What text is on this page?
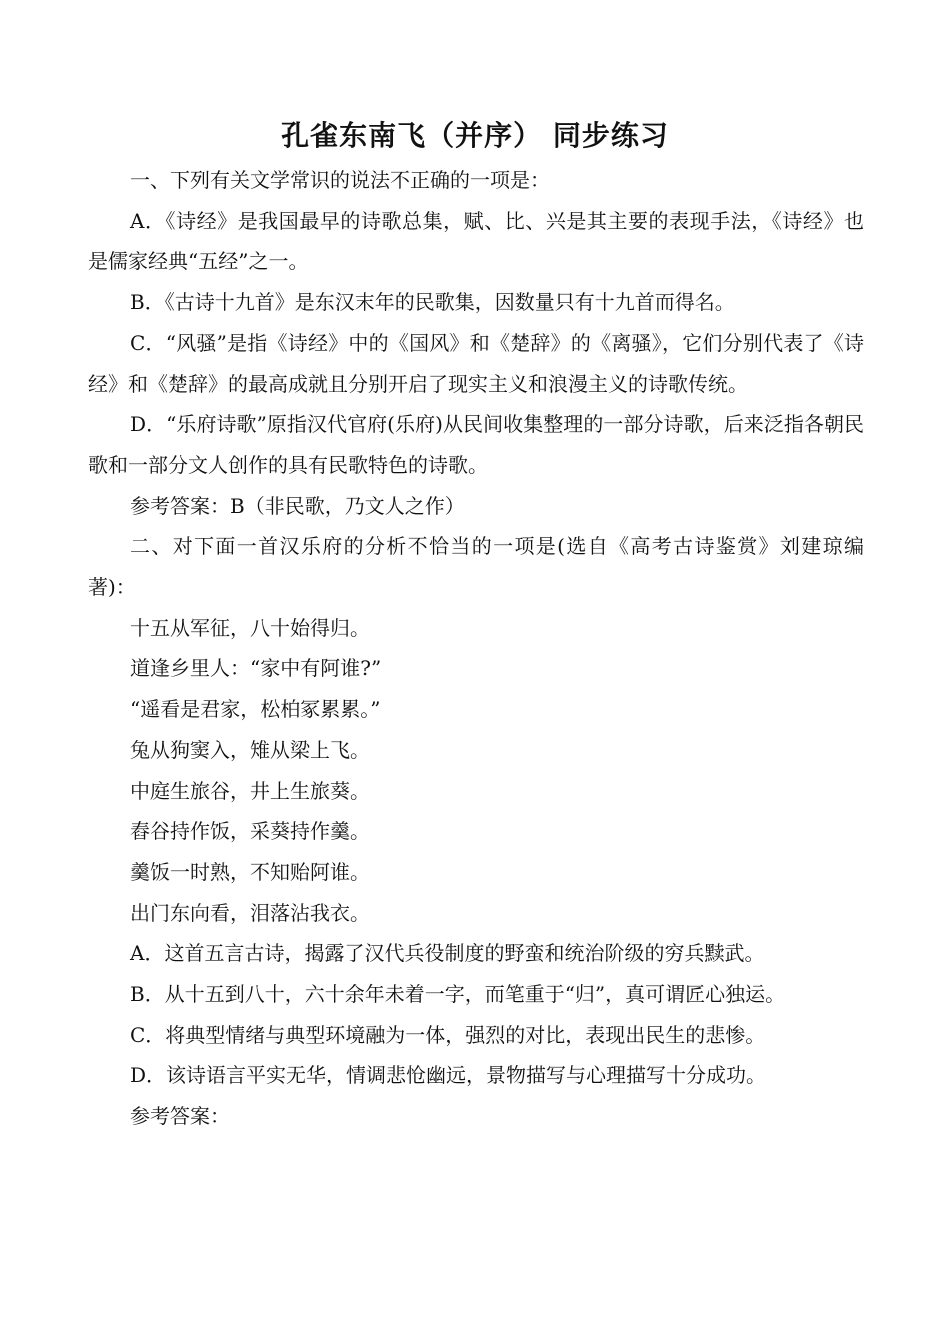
孔雀东南飞（并序） 同步练习

一、下列有关文学常识的说法不正确的一项是：

A．《诗经》是我国最早的诗歌总集，赋、比、兴是其主要的表现手法，《诗经》也是儒家经典“五经”之一。

B．《古诗十九首》是东汉末年的民歌集，因数量只有十九首而得名。

C．“风骚”是指《诗经》中的《国风》和《楚辞》的《离骚》，它们分别代表了《诗经》和《楚辞》的最高成就且分别开启了现实主义和浪漫主义的诗歌传统。

D．“乐府诗歌”原指汉代官府(乐府)从民间收集整理的一部分诗歌，后来泛指各朝民歌和一部分文人创作的具有民歌特色的诗歌。

参考答案：B（非民歌，乃文人之作）

二、对下面一首汉乐府的分析不恰当的一项是(选自《高考古诗鉴赏》刘建琼编著)：

十五从军征，八十始得归。

道逢乡里人：“家中有阿谁?”

“遥看是君家，松柏冢累累。”

兔从狗窦入，雉从梁上飞。

中庭生旅谷，井上生旅葵。

舂谷持作饭，采葵持作羹。

羹饭一时熟，不知贻阿谁。

出门东向看，泪落沾我衣。

A．这首五言古诗，揭露了汉代兵役制度的野蛮和统治阶级的穷兵黩武。

B．从十五到八十，六十余年未着一字，而笔重于“归”，真可谓匠心独运。

C．将典型情绪与典型环境融为一体，强烈的对比，表现出民生的悲惨。

D．该诗语言平实无华，情调悲怆幽远，景物描写与心理描写十分成功。

参考答案：
